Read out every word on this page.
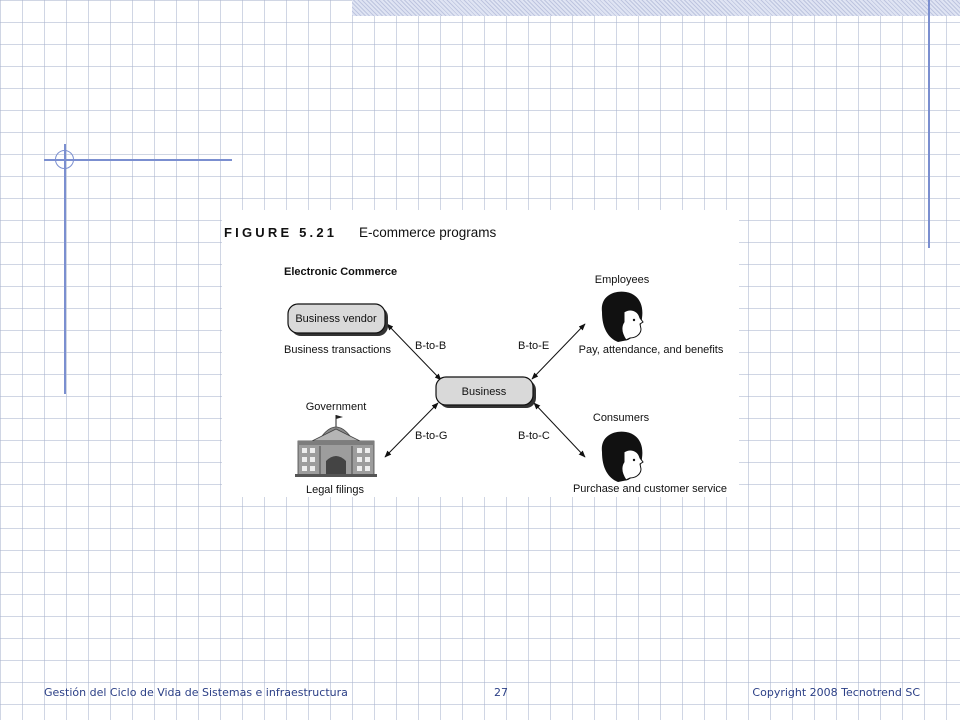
FIGURE 5.21 E-commerce programs
Electronic Commerce
B-to-B
B-to-G
B-to-E
B-to-C
Business vendor
Business transactions
Business
Government
Legal filings
Employees
Pay, attendance, and benefits
Consumers
Purchase and customer service
Gestión del Ciclo de Vida de Sistemas e infraestructura	27	Copyright 2008 Tecnotrend SC
